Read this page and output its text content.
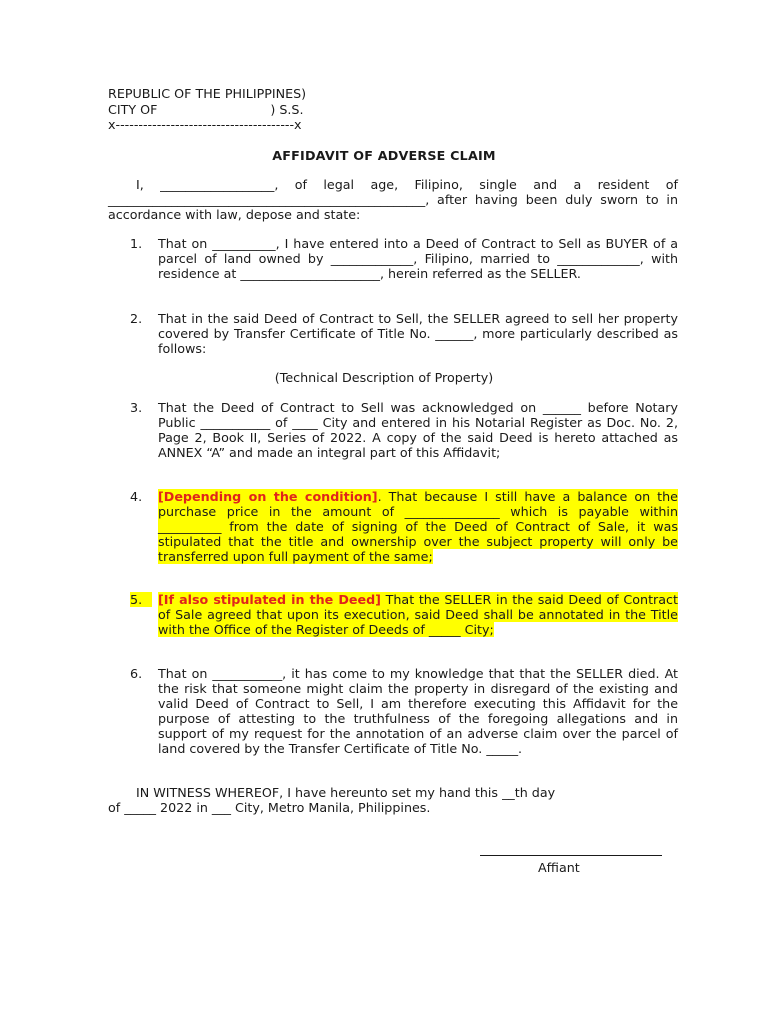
REPUBLIC OF THE PHILIPPINES)
CITY OF                            ) S.S.
x---------------------------------------x
AFFIDAVIT OF ADVERSE CLAIM

I, __________________, of legal age, Filipino, single and a resident of __________________________________________________, after having been duly sworn to in accordance with law, depose and state:

1.	That on __________, I have entered into a Deed of Contract to Sell as BUYER of a parcel of land owned by _____________, Filipino, married to _____________, with residence at ______________________, herein referred as the SELLER.

2.	That in the said Deed of Contract to Sell, the SELLER agreed to sell her property covered by Transfer Certificate of Title No. ______, more particularly described as follows:

(Technical Description of Property)
3.	That the Deed of Contract to Sell was acknowledged on ______ before Notary Public ___________ of ____ City and entered in his Notarial Register as Doc. No. 2, Page 2, Book II, Series of 2022. A copy of the said Deed is hereto attached as ANNEX “A” and made an integral part of this Affidavit;

4.	[Depending on the condition]. That because I still have a balance on the purchase price in the amount of _______________ which is payable within __________ from the date of signing of the Deed of Contract of Sale, it was stipulated that the title and ownership over the subject property will only be transferred upon full payment of the same;

5.	[If also stipulated in the Deed] That the SELLER in the said Deed of Contract of Sale agreed that upon its execution, said Deed shall be annotated in the Title with the Office of the Register of Deeds of _____ City;

6.	That on ___________, it has come to my knowledge that that the SELLER died. At the risk that someone might claim the property in disregard of the existing and valid Deed of Contract to Sell, I am therefore executing this Affidavit for the purpose of attesting to the truthfulness of the foregoing allegations and in support of my request for the annotation of an adverse claim over the parcel of land covered by the Transfer Certificate of Title No. _____.

IN WITNESS WHEREOF, I have hereunto set my hand this __th day

of _____ 2022 in ___ City, Metro Manila, Philippines.

Affiant
